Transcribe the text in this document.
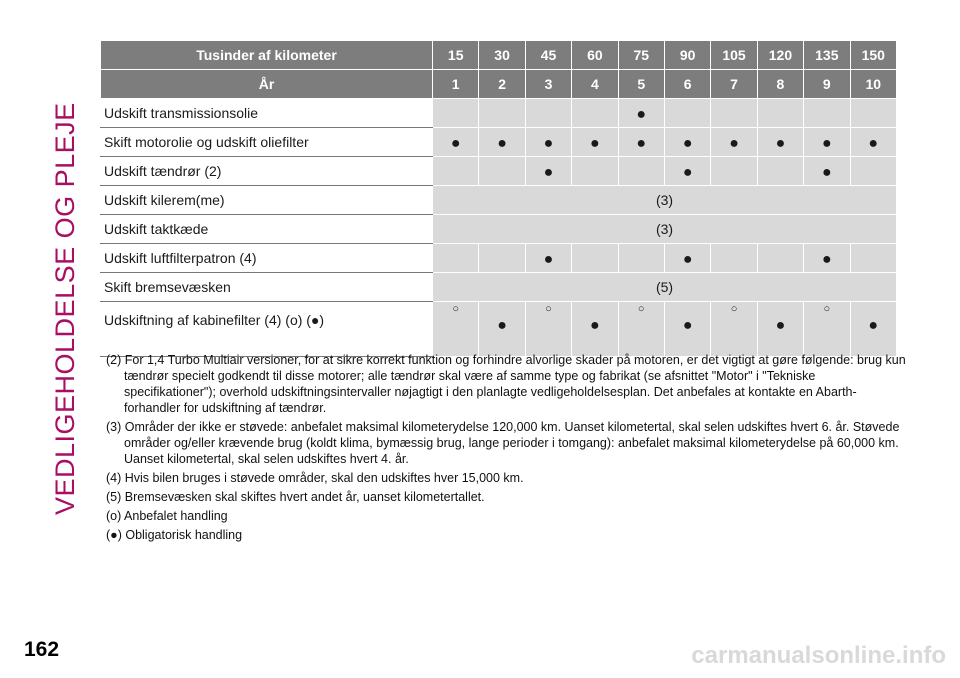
VEDLIGEHOLDELSE OG PLEJE
Tusinder af kilometer	15	30	45	60	75	90	105	120	135	150
År	1	2	3	4	5	6	7	8	9	10
Udskift transmissionsolie					●					
Skift motorolie og udskift oliefilter	●	●	●	●	●	●	●	●	●	●
Udskift tændrør (2)			●			●			●	
Udskift kilerem(me)	(3)									
Udskift taktkæde	(3)									
Udskift luftfilterpatron (4)			●			●			●	
Skift bremsevæsken	(5)									
Udskiftning af kabinefilter (4) (o) (●)	○	●	○	●	○	●	○	●	○	●

(2) For 1,4 Turbo Multiair versioner, for at sikre korrekt funktion og forhindre alvorlige skader på motoren, er det vigtigt at gøre følgende: brug kun tændrør specielt godkendt til disse motorer; alle tændrør skal være af samme type og fabrikat (se afsnittet "Motor" i "Tekniske specifikationer"); overhold udskiftningsintervaller nøjagtigt i den planlagte vedligeholdelsesplan. Det anbefales at kontakte en Abarth-forhandler for udskiftning af tændrør.

(3) Områder der ikke er støvede: anbefalet maksimal kilometerydelse 120,000 km. Uanset kilometertal, skal selen udskiftes hvert 6. år. Støvede områder og/eller krævende brug (koldt klima, bymæssig brug, lange perioder i tomgang): anbefalet maksimal kilometerydelse på 60,000 km. Uanset kilometertal, skal selen udskiftes hvert 4. år.

(4) Hvis bilen bruges i støvede områder, skal den udskiftes hver 15,000 km.

(5) Bremsevæsken skal skiftes hvert andet år, uanset kilometertallet.

(o) Anbefalet handling

(●) Obligatorisk handling

162	carmanualsonline.info
